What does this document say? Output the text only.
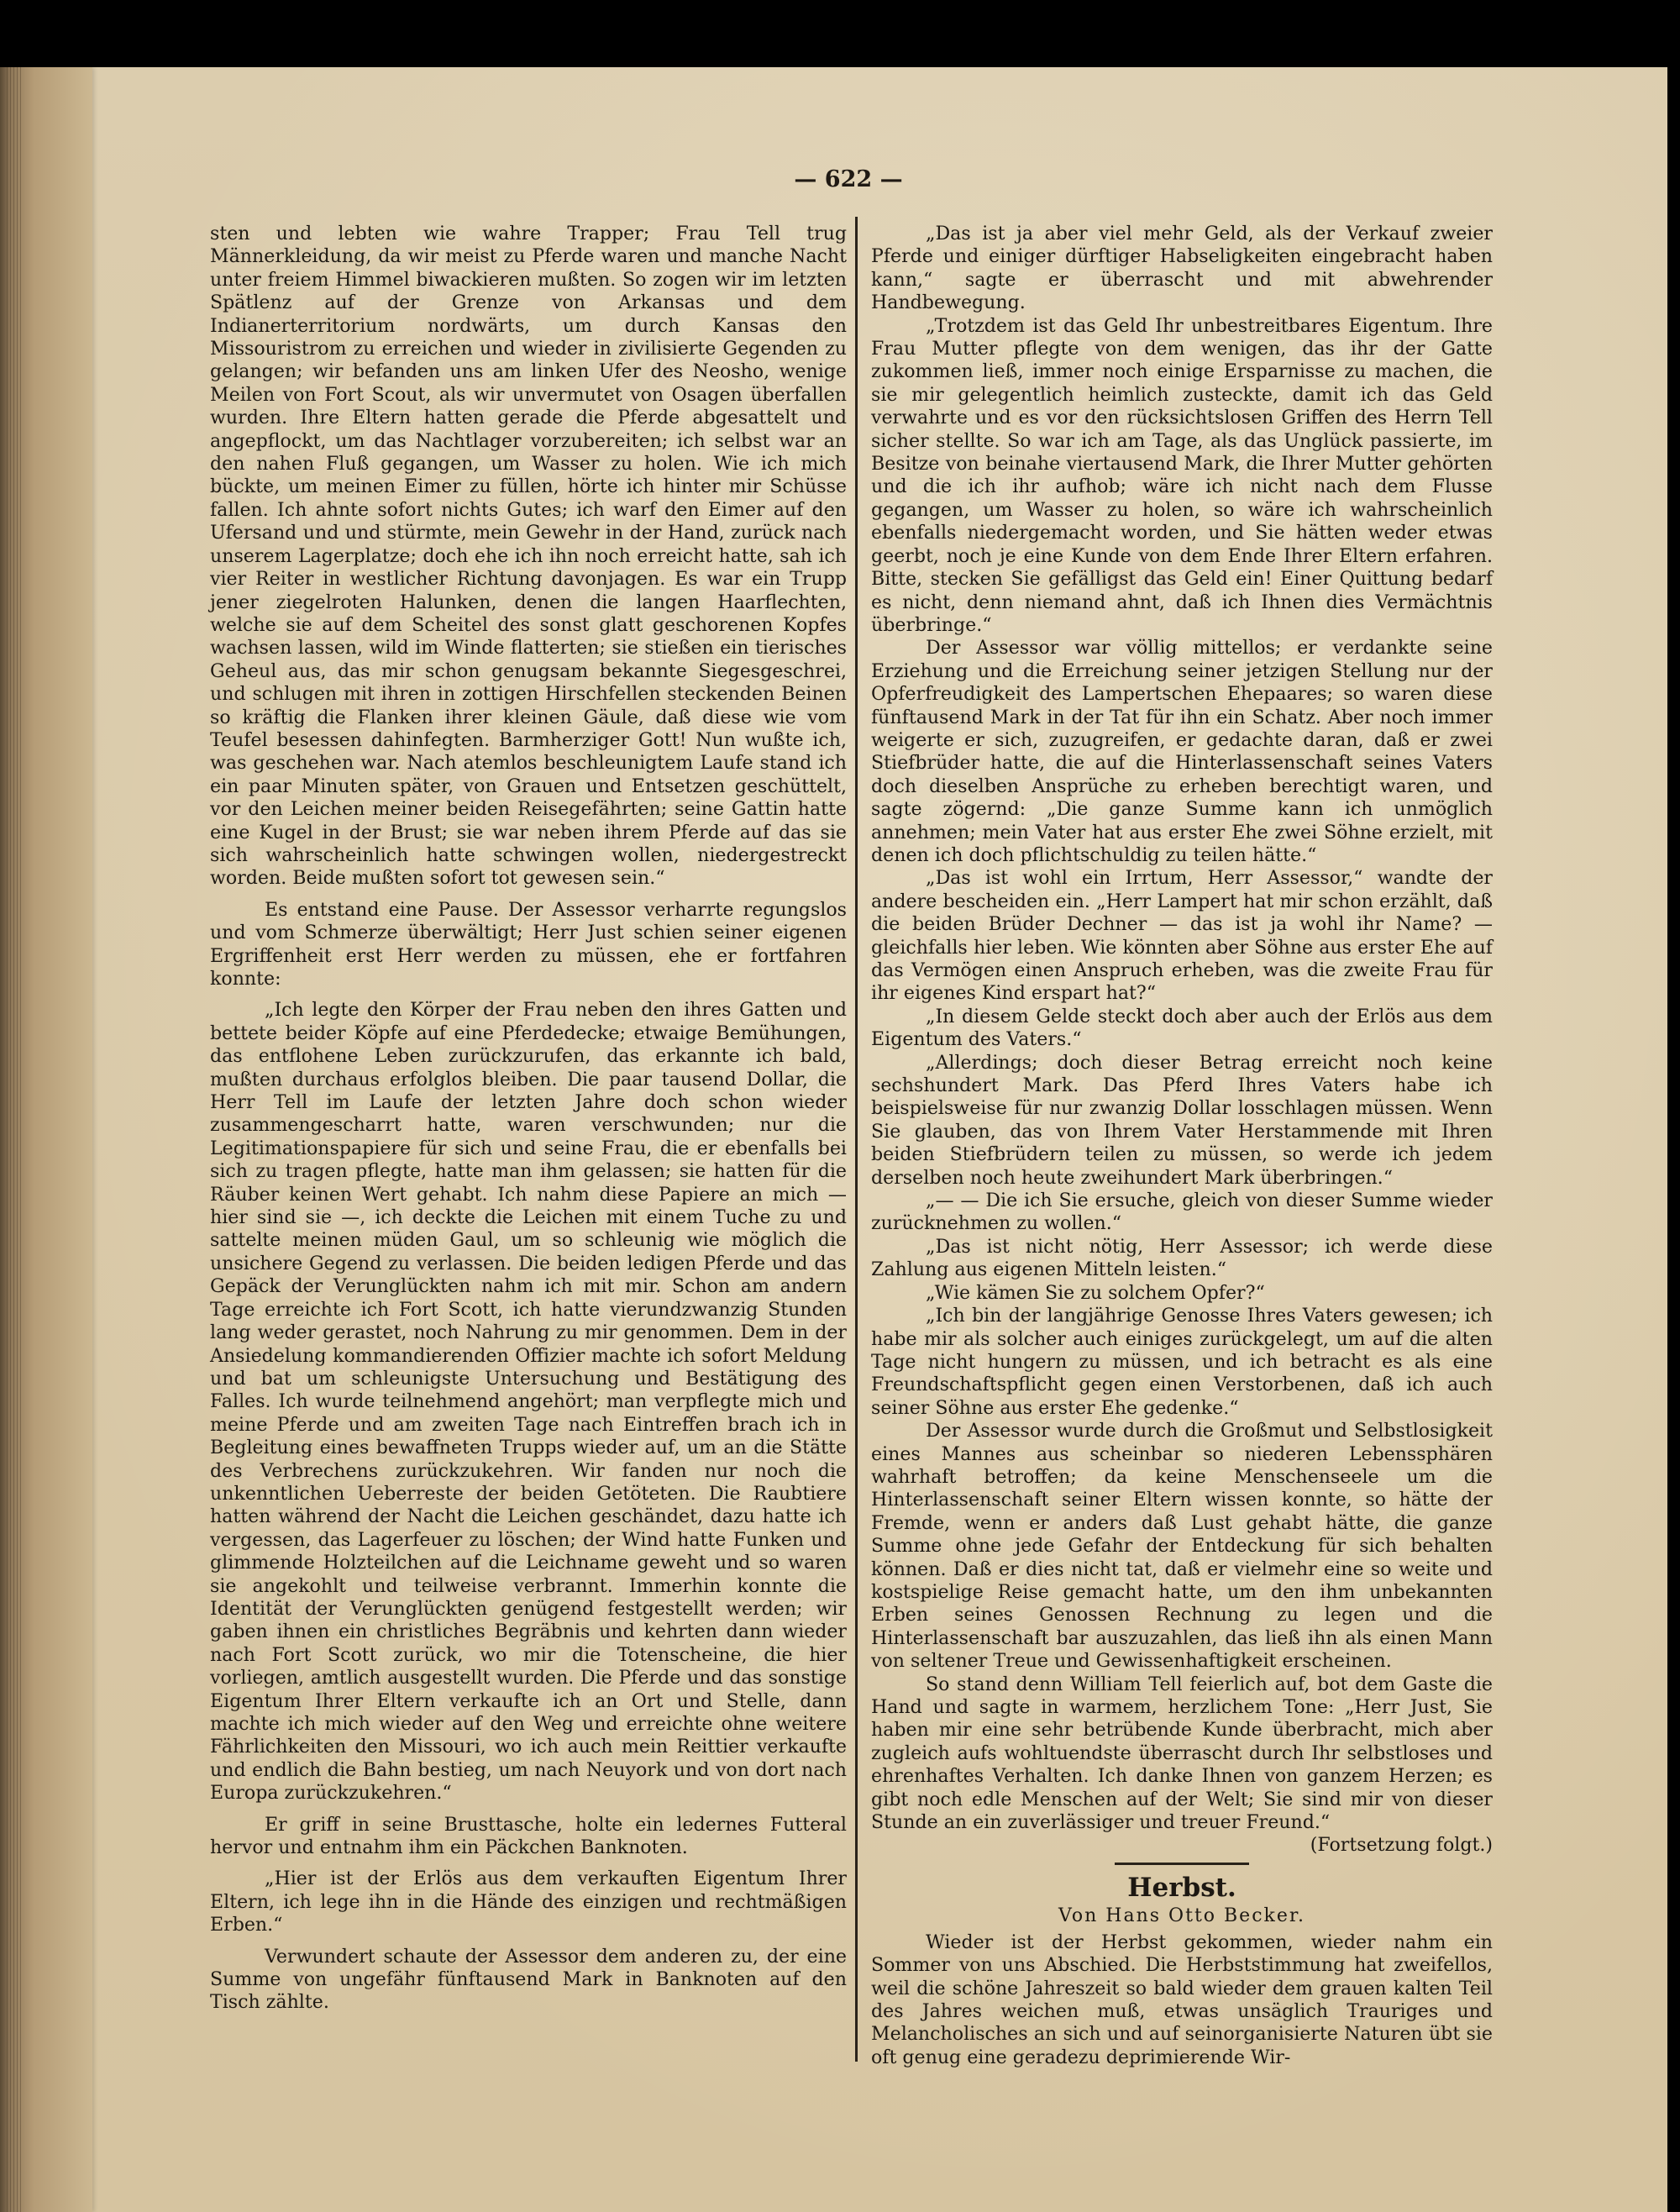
— 622 —

sten und lebten wie wahre Trapper; Frau Tell trug Männerkleidung, da wir meist zu Pferde waren und manche Nacht unter freiem Himmel biwackieren mußten. So zogen wir im letzten Spätlenz auf der Grenze von Arkansas und dem Indianerterritorium nordwärts, um durch Kansas den Missouristrom zu erreichen und wieder in zivilisierte Gegenden zu gelangen; wir befanden uns am linken Ufer des Neosho, wenige Meilen von Fort Scout, als wir unvermutet von Osagen überfallen wurden. Ihre Eltern hatten gerade die Pferde abgesattelt und angepflockt, um das Nachtlager vorzubereiten; ich selbst war an den nahen Fluß gegangen, um Wasser zu holen. Wie ich mich bückte, um meinen Eimer zu füllen, hörte ich hinter mir Schüsse fallen. Ich ahnte sofort nichts Gutes; ich warf den Eimer auf den Ufersand und und stürmte, mein Gewehr in der Hand, zurück nach unserem Lagerplatze; doch ehe ich ihn noch erreicht hatte, sah ich vier Reiter in westlicher Richtung davonjagen. Es war ein Trupp jener ziegelroten Halunken, denen die langen Haarflechten, welche sie auf dem Scheitel des sonst glatt geschorenen Kopfes wachsen lassen, wild im Winde flatterten; sie stießen ein tierisches Geheul aus, das mir schon genugsam bekannte Siegesgeschrei, und schlugen mit ihren in zottigen Hirschfellen steckenden Beinen so kräftig die Flanken ihrer kleinen Gäule, daß diese wie vom Teufel besessen dahinfegten. Barmherziger Gott! Nun wußte ich, was geschehen war. Nach atemlos beschleunigtem Laufe stand ich ein paar Minuten später, von Grauen und Entsetzen geschüttelt, vor den Leichen meiner beiden Reisegefährten; seine Gattin hatte eine Kugel in der Brust; sie war neben ihrem Pferde auf das sie sich wahrscheinlich hatte schwingen wollen, niedergestreckt worden. Beide mußten sofort tot gewesen sein.“

Es entstand eine Pause. Der Assessor verharrte regungslos und vom Schmerze überwältigt; Herr Just schien seiner eigenen Ergriffenheit erst Herr werden zu müssen, ehe er fortfahren konnte:

„Ich legte den Körper der Frau neben den ihres Gatten und bettete beider Köpfe auf eine Pferdedecke; etwaige Bemühungen, das entflohene Leben zurückzurufen, das erkannte ich bald, mußten durchaus erfolglos bleiben. Die paar tausend Dollar, die Herr Tell im Laufe der letzten Jahre doch schon wieder zusammengescharrt hatte, waren verschwunden; nur die Legitimationspapiere für sich und seine Frau, die er ebenfalls bei sich zu tragen pflegte, hatte man ihm gelassen; sie hatten für die Räuber keinen Wert gehabt. Ich nahm diese Papiere an mich — hier sind sie —, ich deckte die Leichen mit einem Tuche zu und sattelte meinen müden Gaul, um so schleunig wie möglich die unsichere Gegend zu verlassen. Die beiden ledigen Pferde und das Gepäck der Verunglückten nahm ich mit mir. Schon am andern Tage erreichte ich Fort Scott, ich hatte vierundzwanzig Stunden lang weder gerastet, noch Nahrung zu mir genommen. Dem in der Ansiedelung kommandierenden Offizier machte ich sofort Meldung und bat um schleunigste Untersuchung und Bestätigung des Falles. Ich wurde teilnehmend angehört; man verpflegte mich und meine Pferde und am zweiten Tage nach Eintreffen brach ich in Begleitung eines bewaffneten Trupps wieder auf, um an die Stätte des Verbrechens zurückzukehren. Wir fanden nur noch die unkenntlichen Ueberreste der beiden Getöteten. Die Raubtiere hatten während der Nacht die Leichen geschändet, dazu hatte ich vergessen, das Lagerfeuer zu löschen; der Wind hatte Funken und glimmende Holzteilchen auf die Leichname geweht und so waren sie angekohlt und teilweise verbrannt. Immerhin konnte die Identität der Verunglückten genügend festgestellt werden; wir gaben ihnen ein christliches Begräbnis und kehrten dann wieder nach Fort Scott zurück, wo mir die Totenscheine, die hier vorliegen, amtlich ausgestellt wurden. Die Pferde und das sonstige Eigentum Ihrer Eltern verkaufte ich an Ort und Stelle, dann machte ich mich wieder auf den Weg und erreichte ohne weitere Fährlichkeiten den Missouri, wo ich auch mein Reittier verkaufte und endlich die Bahn bestieg, um nach Neuyork und von dort nach Europa zurückzukehren.“

Er griff in seine Brusttasche, holte ein ledernes Futteral hervor und entnahm ihm ein Päckchen Banknoten.

„Hier ist der Erlös aus dem verkauften Eigentum Ihrer Eltern, ich lege ihn in die Hände des einzigen und rechtmäßigen Erben.“

Verwundert schaute der Assessor dem anderen zu, der eine Summe von ungefähr fünftausend Mark in Banknoten auf den Tisch zählte.

„Das ist ja aber viel mehr Geld, als der Verkauf zweier Pferde und einiger dürftiger Habseligkeiten eingebracht haben kann,“ sagte er überrascht und mit abwehrender Handbewegung.

„Trotzdem ist das Geld Ihr unbestreitbares Eigentum. Ihre Frau Mutter pflegte von dem wenigen, das ihr der Gatte zukommen ließ, immer noch einige Ersparnisse zu machen, die sie mir gelegentlich heimlich zusteckte, damit ich das Geld verwahrte und es vor den rücksichtslosen Griffen des Herrn Tell sicher stellte. So war ich am Tage, als das Unglück passierte, im Besitze von beinahe viertausend Mark, die Ihrer Mutter gehörten und die ich ihr aufhob; wäre ich nicht nach dem Flusse gegangen, um Wasser zu holen, so wäre ich wahrscheinlich ebenfalls niedergemacht worden, und Sie hätten weder etwas geerbt, noch je eine Kunde von dem Ende Ihrer Eltern erfahren. Bitte, stecken Sie gefälligst das Geld ein! Einer Quittung bedarf es nicht, denn niemand ahnt, daß ich Ihnen dies Vermächtnis überbringe.“

Der Assessor war völlig mittellos; er verdankte seine Erziehung und die Erreichung seiner jetzigen Stellung nur der Opferfreudigkeit des Lampertschen Ehepaares; so waren diese fünftausend Mark in der Tat für ihn ein Schatz. Aber noch immer weigerte er sich, zuzugreifen, er gedachte daran, daß er zwei Stiefbrüder hatte, die auf die Hinterlassenschaft seines Vaters doch dieselben Ansprüche zu erheben berechtigt waren, und sagte zögernd: „Die ganze Summe kann ich unmöglich annehmen; mein Vater hat aus erster Ehe zwei Söhne erzielt, mit denen ich doch pflichtschuldig zu teilen hätte.“

„Das ist wohl ein Irrtum, Herr Assessor,“ wandte der andere bescheiden ein. „Herr Lampert hat mir schon erzählt, daß die beiden Brüder Dechner — das ist ja wohl ihr Name? — gleichfalls hier leben. Wie könnten aber Söhne aus erster Ehe auf das Vermögen einen Anspruch erheben, was die zweite Frau für ihr eigenes Kind erspart hat?“

„In diesem Gelde steckt doch aber auch der Erlös aus dem Eigentum des Vaters.“

„Allerdings; doch dieser Betrag erreicht noch keine sechshundert Mark. Das Pferd Ihres Vaters habe ich beispielsweise für nur zwanzig Dollar losschlagen müssen. Wenn Sie glauben, das von Ihrem Vater Herstammende mit Ihren beiden Stiefbrüdern teilen zu müssen, so werde ich jedem derselben noch heute zweihundert Mark überbringen.“

„— — Die ich Sie ersuche, gleich von dieser Summe wieder zurücknehmen zu wollen.“

„Das ist nicht nötig, Herr Assessor; ich werde diese Zahlung aus eigenen Mitteln leisten.“

„Wie kämen Sie zu solchem Opfer?“

„Ich bin der langjährige Genosse Ihres Vaters gewesen; ich habe mir als solcher auch einiges zurückgelegt, um auf die alten Tage nicht hungern zu müssen, und ich betracht es als eine Freundschaftspflicht gegen einen Verstorbenen, daß ich auch seiner Söhne aus erster Ehe gedenke.“

Der Assessor wurde durch die Großmut und Selbstlosigkeit eines Mannes aus scheinbar so niederen Lebenssphären wahrhaft betroffen; da keine Menschenseele um die Hinterlassenschaft seiner Eltern wissen konnte, so hätte der Fremde, wenn er anders daß Lust gehabt hätte, die ganze Summe ohne jede Gefahr der Entdeckung für sich behalten können. Daß er dies nicht tat, daß er vielmehr eine so weite und kostspielige Reise gemacht hatte, um den ihm unbekannten Erben seines Genossen Rechnung zu legen und die Hinterlassenschaft bar auszuzahlen, das ließ ihn als einen Mann von seltener Treue und Gewissenhaftigkeit erscheinen.

So stand denn William Tell feierlich auf, bot dem Gaste die Hand und sagte in warmem, herzlichem Tone: „Herr Just, Sie haben mir eine sehr betrübende Kunde überbracht, mich aber zugleich aufs wohltuendste überrascht durch Ihr selbstloses und ehrenhaftes Verhalten. Ich danke Ihnen von ganzem Herzen; es gibt noch edle Menschen auf der Welt; Sie sind mir von dieser Stunde an ein zuverlässiger und treuer Freund.“

(Fortsetzung folgt.)

Herbst.
Von Hans Otto Becker.

Wieder ist der Herbst gekommen, wieder nahm ein Sommer von uns Abschied. Die Herbststimmung hat zweifellos, weil die schöne Jahreszeit so bald wieder dem grauen kalten Teil des Jahres weichen muß, etwas unsäglich Trauriges und Melancholisches an sich und auf seinorganisierte Naturen übt sie oft genug eine geradezu deprimierende Wir-
